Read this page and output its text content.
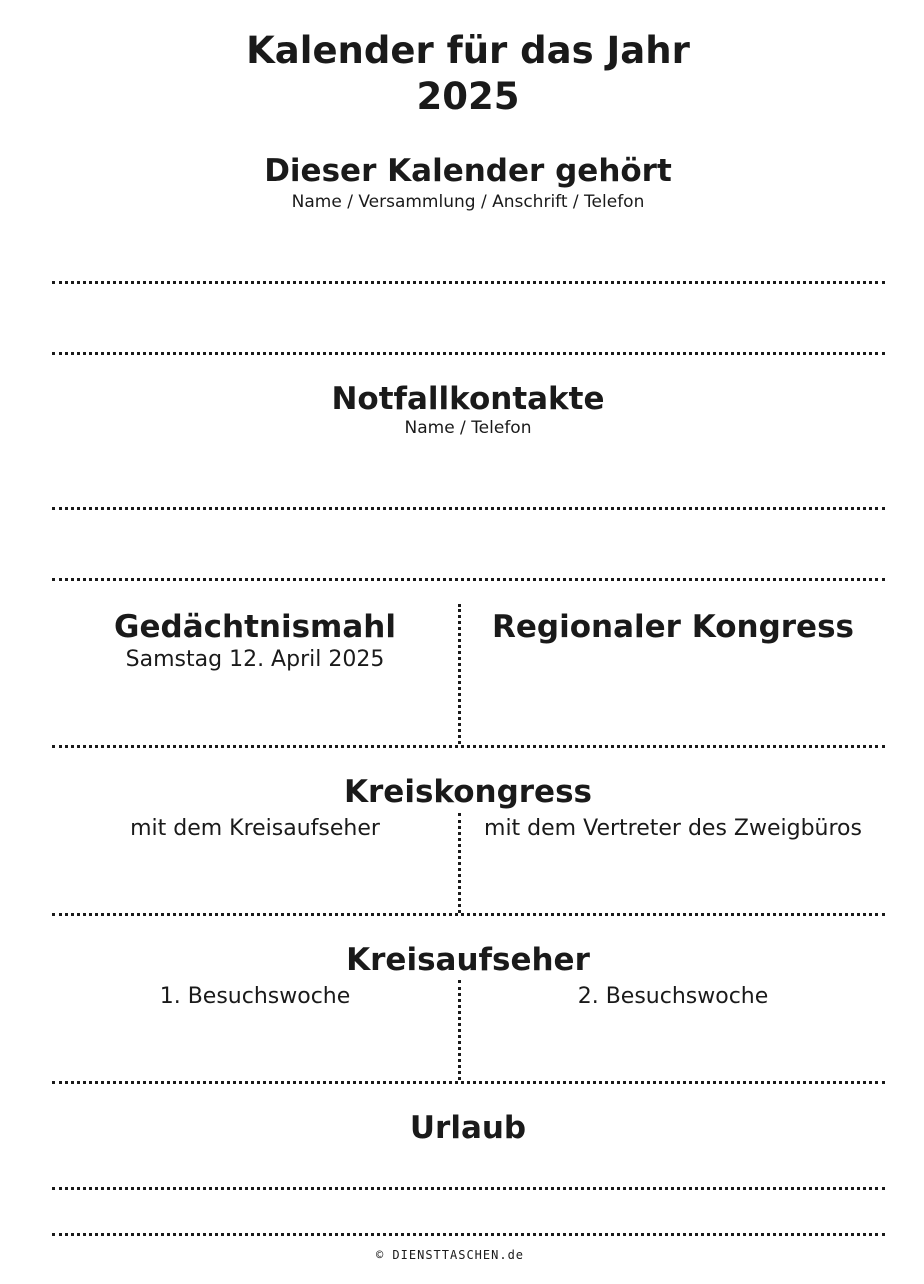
Kalender für das Jahr
2025
Dieser Kalender gehört
Name / Versammlung / Anschrift / Telefon
Notfallkontakte
Name / Telefon
Gedächtnismahl
Samstag 12. April 2025
Regionaler Kongress
Kreiskongress
mit dem Kreisaufseher	mit dem Vertreter des Zweigbüros
Kreisaufseher
1. Besuchswoche	2. Besuchswoche
Urlaub
© DIENSTTASCHEN.de
